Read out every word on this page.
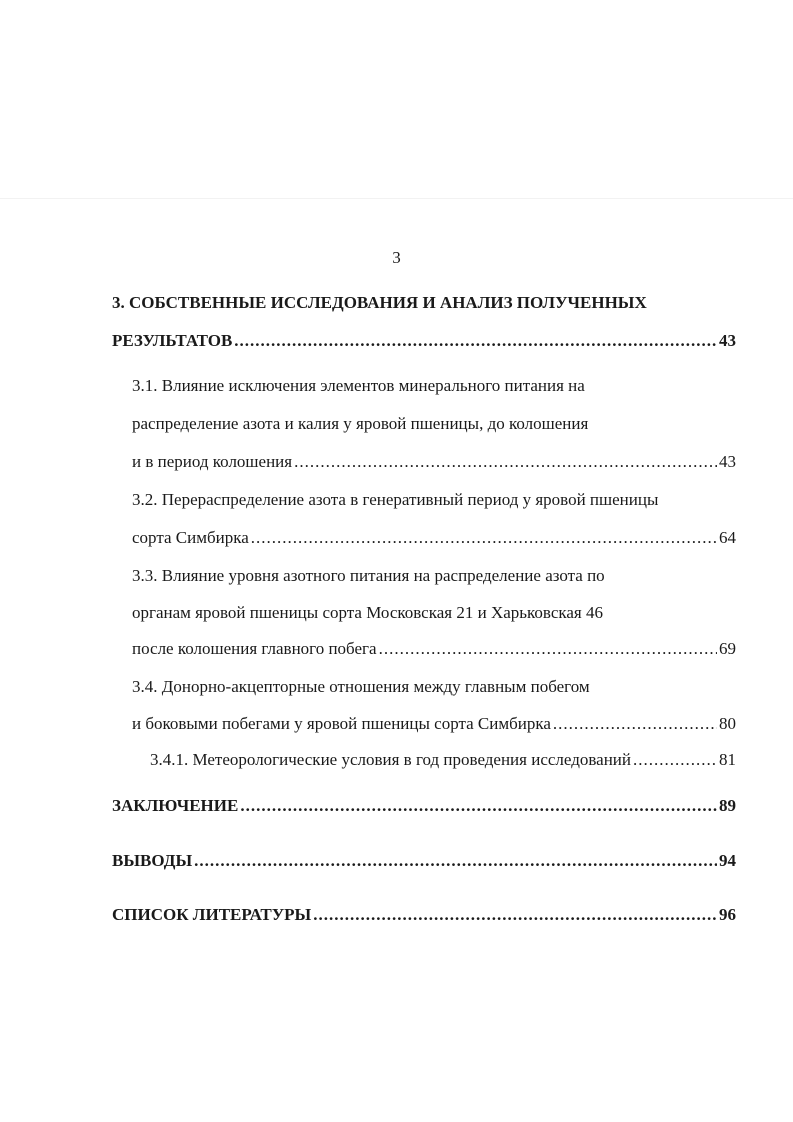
3
3. СОБСТВЕННЫЕ ИССЛЕДОВАНИЯ И АНАЛИЗ ПОЛУЧЕННЫХ
РЕЗУЛЬТАТОВ .....	43
3.1. Влияние исключения элементов минерального питания на
распределение азота и калия у яровой пшеницы, до колошения
и в период колошения .....	43
3.2. Перераспределение азота в генеративный период у яровой пшеницы
сорта Симбирка .....	64
3.3. Влияние уровня азотного питания на распределение азота по
органам яровой пшеницы сорта Московская 21 и Харьковская 46
после колошения главного побега .....	69
3.4. Донорно-акцепторные отношения между главным побегом
и боковыми побегами у яровой пшеницы сорта Симбирка .....	80
3.4.1. Метеорологические условия в год проведения исследований .....	81
ЗАКЛЮЧЕНИЕ .....	89
ВЫВОДЫ .....	94
СПИСОК ЛИТЕРАТУРЫ .....	96
